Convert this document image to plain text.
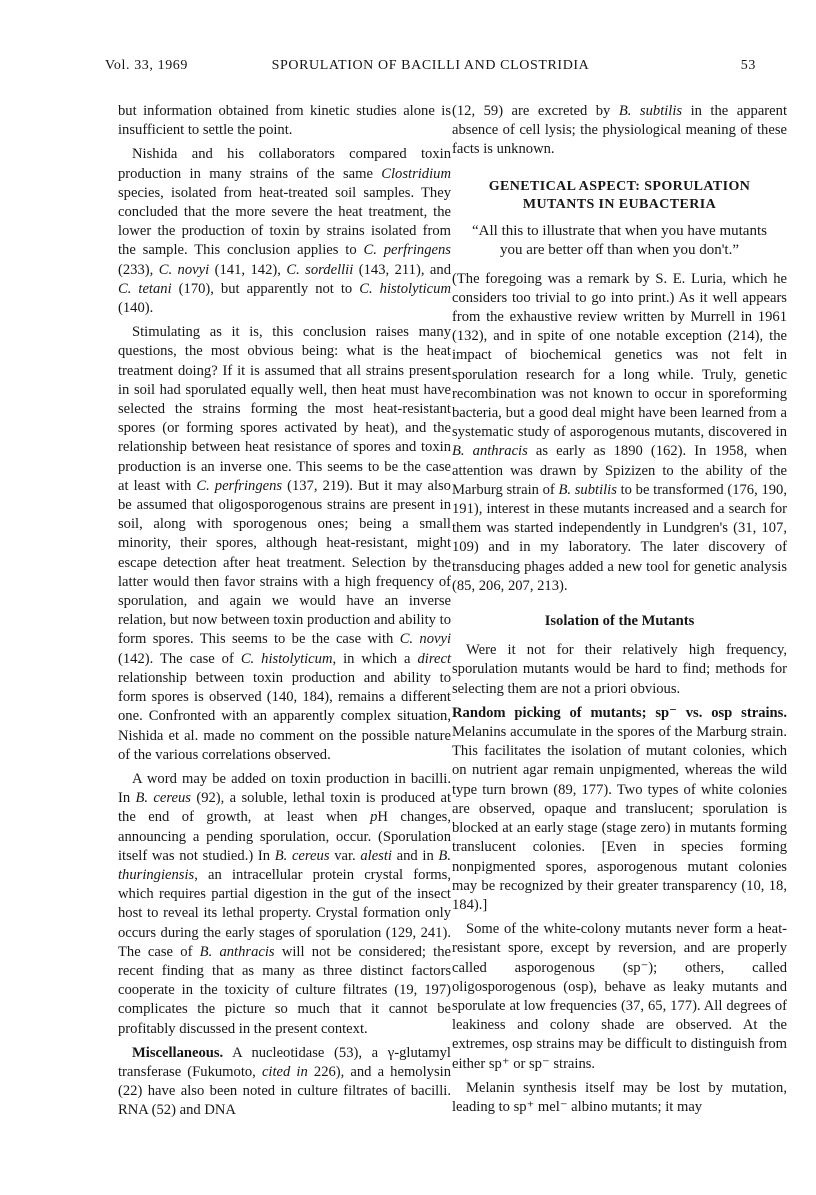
Vol. 33, 1969	SPORULATION OF BACILLI AND CLOSTRIDIA	53

but information obtained from kinetic studies alone is insufficient to settle the point.

Nishida and his collaborators compared toxin production in many strains of the same Clostridium species, isolated from heat-treated soil samples. They concluded that the more severe the heat treatment, the lower the production of toxin by strains isolated from the sample. This conclusion applies to C. perfringens (233), C. novyi (141, 142), C. sordellii (143, 211), and C. tetani (170), but apparently not to C. histolyticum (140).

Stimulating as it is, this conclusion raises many questions, the most obvious being: what is the heat treatment doing? If it is assumed that all strains present in soil had sporulated equally well, then heat must have selected the strains forming the most heat-resistant spores (or forming spores activated by heat), and the relationship between heat resistance of spores and toxin production is an inverse one. This seems to be the case at least with C. perfringens (137, 219). But it may also be assumed that oligosporogenous strains are present in soil, along with sporogenous ones; being a small minority, their spores, although heat-resistant, might escape detection after heat treatment. Selection by the latter would then favor strains with a high frequency of sporulation, and again we would have an inverse relation, but now between toxin production and ability to form spores. This seems to be the case with C. novyi (142). The case of C. histolyticum, in which a direct relationship between toxin production and ability to form spores is observed (140, 184), remains a different one. Confronted with an apparently complex situation, Nishida et al. made no comment on the possible nature of the various correlations observed.

A word may be added on toxin production in bacilli. In B. cereus (92), a soluble, lethal toxin is produced at the end of growth, at least when pH changes, announcing a pending sporulation, occur. (Sporulation itself was not studied.) In B. cereus var. alesti and in B. thuringiensis, an intracellular protein crystal forms, which requires partial digestion in the gut of the insect host to reveal its lethal property. Crystal formation only occurs during the early stages of sporulation (129, 241). The case of B. anthracis will not be considered; the recent finding that as many as three distinct factors cooperate in the toxicity of culture filtrates (19, 197) complicates the picture so much that it cannot be profitably discussed in the present context.

Miscellaneous. A nucleotidase (53), a γ-glutamyl transferase (Fukumoto, cited in 226), and a hemolysin (22) have also been noted in culture filtrates of bacilli. RNA (52) and DNA

(12, 59) are excreted by B. subtilis in the apparent absence of cell lysis; the physiological meaning of these facts is unknown.

GENETICAL ASPECT: SPORULATION MUTANTS IN EUBACTERIA
“All this to illustrate that when you have mutants you are better off than when you don't.”

(The foregoing was a remark by S. E. Luria, which he considers too trivial to go into print.) As it well appears from the exhaustive review written by Murrell in 1961 (132), and in spite of one notable exception (214), the impact of biochemical genetics was not felt in sporulation research for a long while. Truly, genetic recombination was not known to occur in sporeforming bacteria, but a good deal might have been learned from a systematic study of asporogenous mutants, discovered in B. anthracis as early as 1890 (162). In 1958, when attention was drawn by Spizizen to the ability of the Marburg strain of B. subtilis to be transformed (176, 190, 191), interest in these mutants increased and a search for them was started independently in Lundgren's (31, 107, 109) and in my laboratory. The later discovery of transducing phages added a new tool for genetic analysis (85, 206, 207, 213).

Isolation of the Mutants

Were it not for their relatively high frequency, sporulation mutants would be hard to find; methods for selecting them are not a priori obvious.

Random picking of mutants; sp⁻ vs. osp strains. Melanins accumulate in the spores of the Marburg strain. This facilitates the isolation of mutant colonies, which on nutrient agar remain unpigmented, whereas the wild type turn brown (89, 177). Two types of white colonies are observed, opaque and translucent; sporulation is blocked at an early stage (stage zero) in mutants forming translucent colonies. [Even in species forming nonpigmented spores, asporogenous mutant colonies may be recognized by their greater transparency (10, 18, 184).]

Some of the white-colony mutants never form a heat-resistant spore, except by reversion, and are properly called asporogenous (sp⁻); others, called oligosporogenous (osp), behave as leaky mutants and sporulate at low frequencies (37, 65, 177). All degrees of leakiness and colony shade are observed. At the extremes, osp strains may be difficult to distinguish from either sp⁺ or sp⁻ strains.

Melanin synthesis itself may be lost by mutation, leading to sp⁺ mel⁻ albino mutants; it may
